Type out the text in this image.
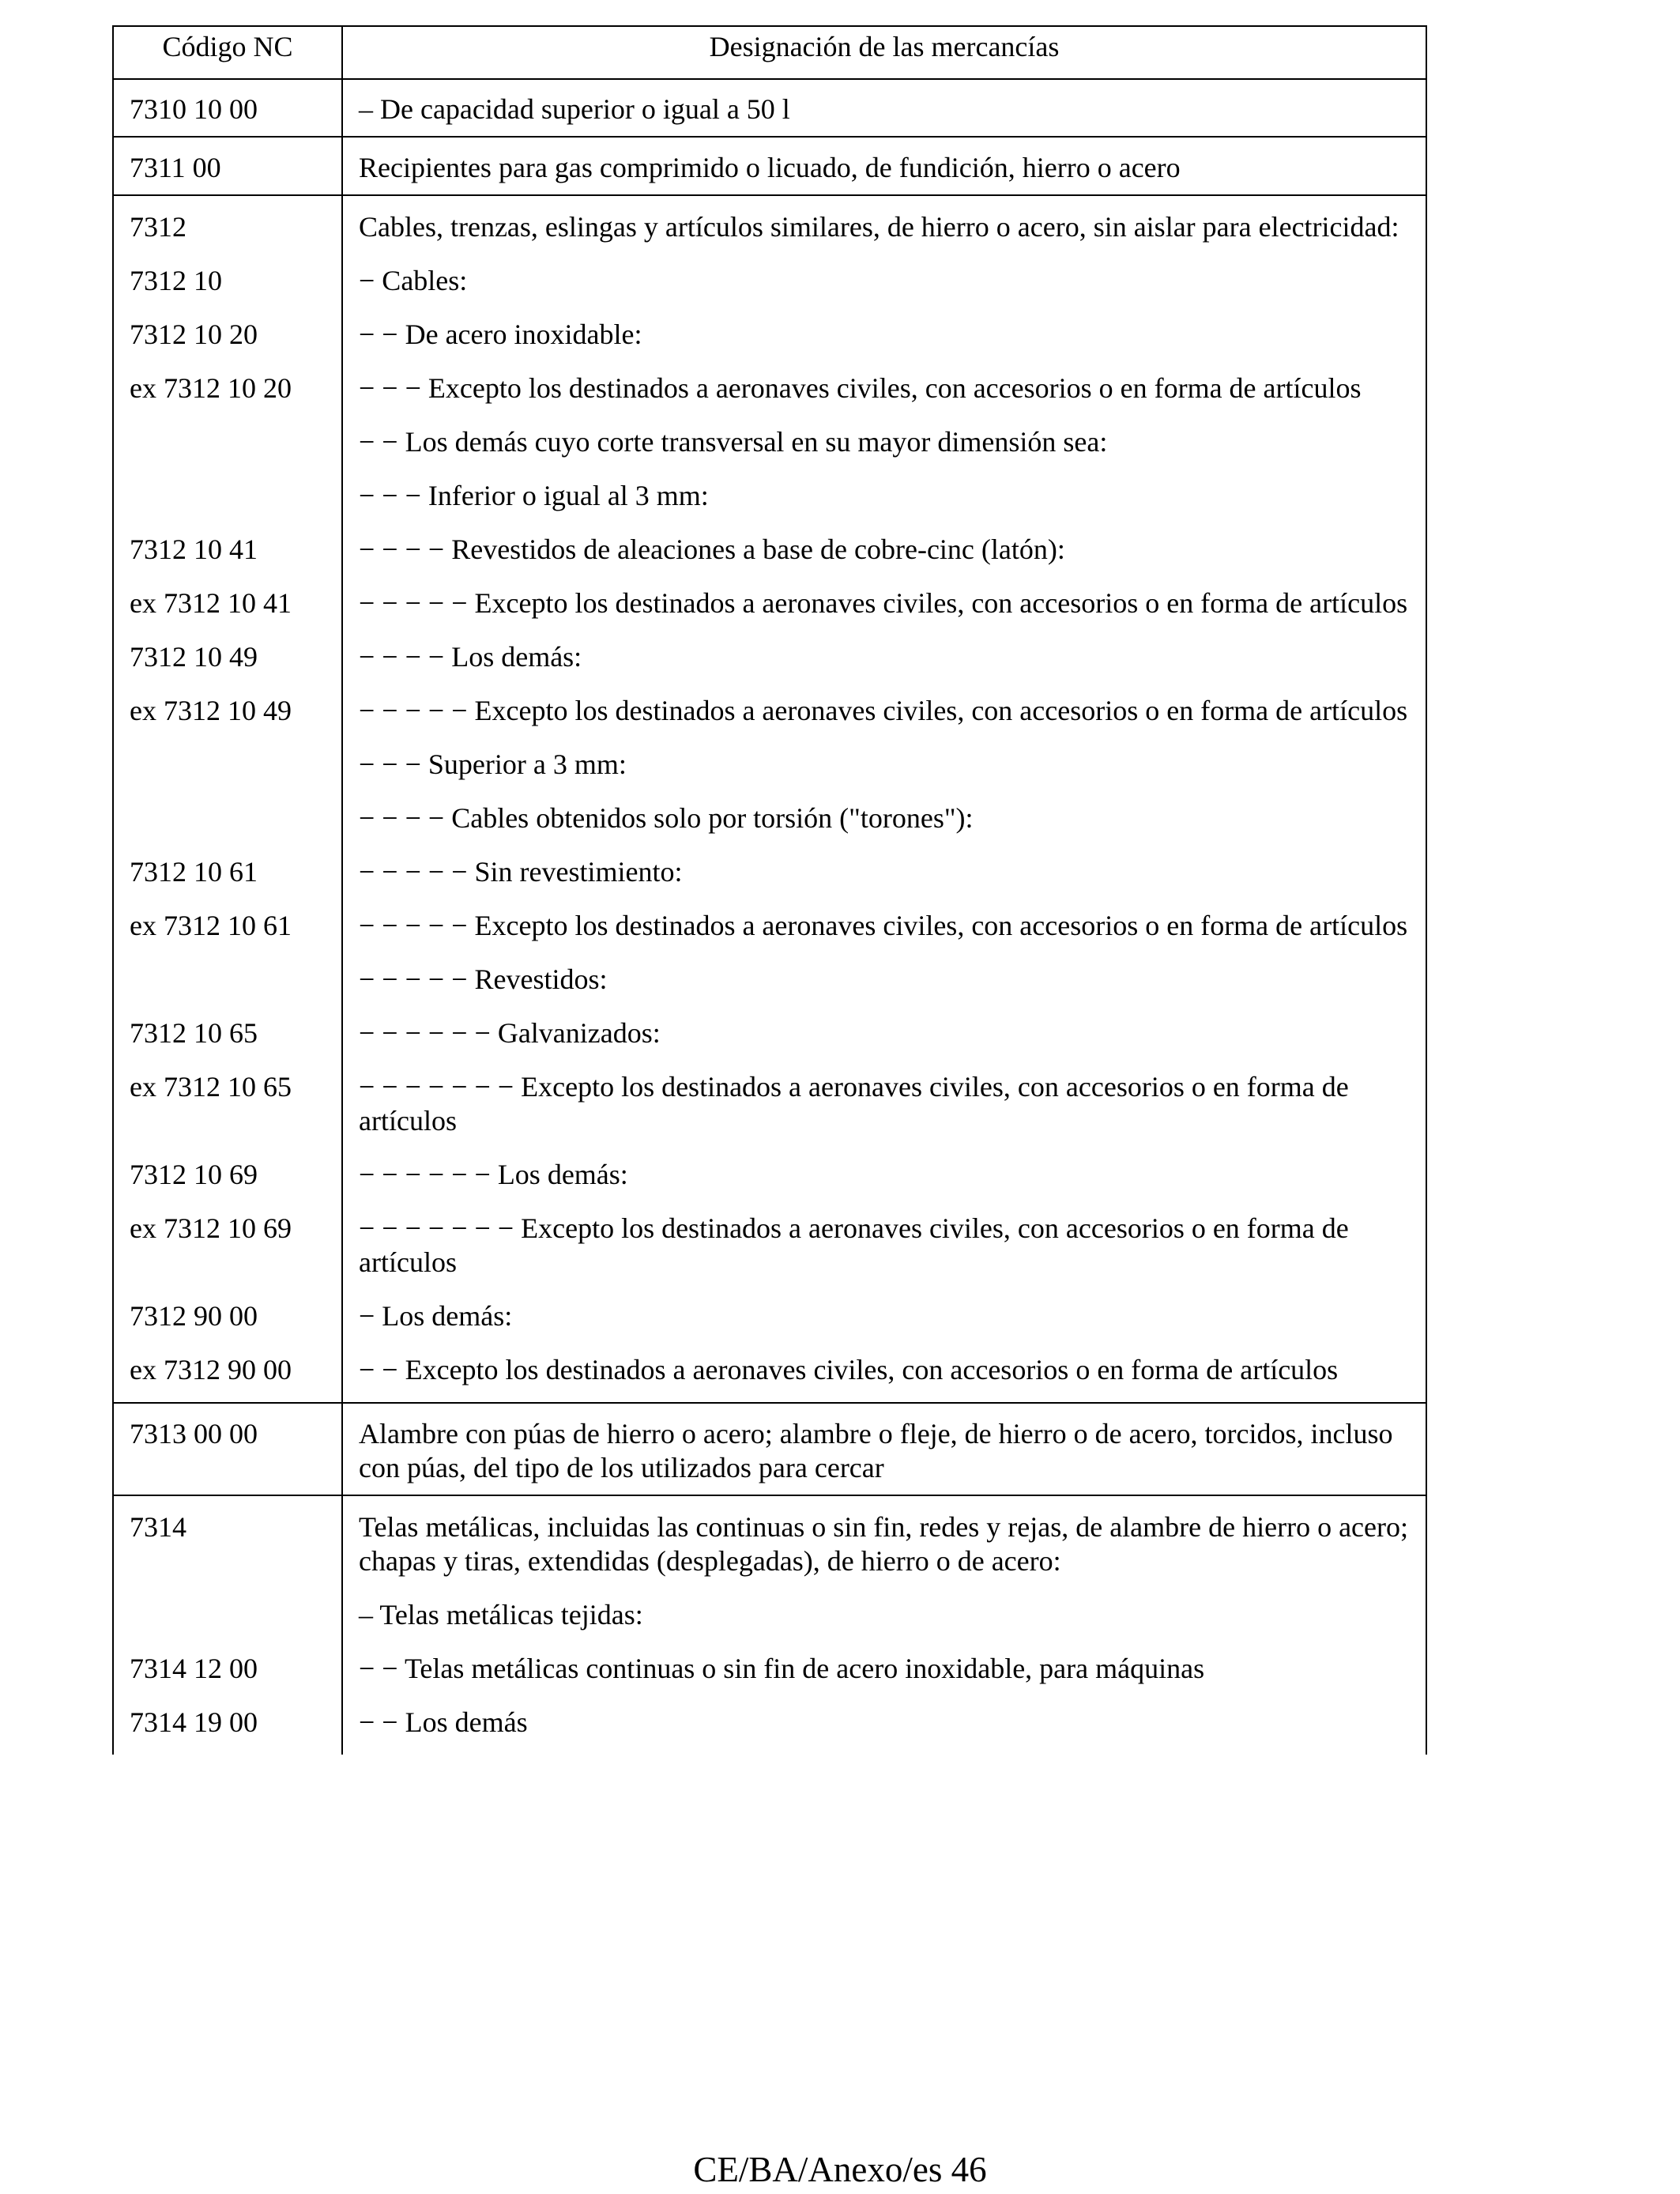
Código NC	Designación de las mercancías
7310 10 00	– De capacidad superior o igual a 50 l
7311 00	Recipientes para gas comprimido o licuado, de fundición, hierro o acero
7312	Cables, trenzas, eslingas y artículos similares, de hierro o acero, sin aislar para electricidad:
7312 10	− Cables:
7312 10 20	− − De acero inoxidable:
ex 7312 10 20	− − − Excepto los destinados a aeronaves civiles, con accesorios o en forma de artículos
	− − Los demás cuyo corte transversal en su mayor dimensión sea:
	− − − Inferior o igual al 3 mm:
7312 10 41	− − − − Revestidos de aleaciones a base de cobre-cinc (latón):
ex 7312 10 41	− − − − − Excepto los destinados a aeronaves civiles, con accesorios o en forma de artículos
7312 10 49	− − − − Los demás:
ex 7312 10 49	− − − − − Excepto los destinados a aeronaves civiles, con accesorios o en forma de artículos
	− − − Superior a 3 mm:
	− − − − Cables obtenidos solo por torsión ("torones"):
7312 10 61	− − − − − Sin revestimiento:
ex 7312 10 61	− − − − − Excepto los destinados a aeronaves civiles, con accesorios o en forma de artículos
	− − − − − Revestidos:
7312 10 65	− − − − − − Galvanizados:
ex 7312 10 65	− − − − − − − Excepto los destinados a aeronaves civiles, con accesorios o en forma de artículos
7312 10 69	− − − − − − Los demás:
ex 7312 10 69	− − − − − − − Excepto los destinados a aeronaves civiles, con accesorios o en forma de artículos
7312 90 00	− Los demás:
ex 7312 90 00	− − Excepto los destinados a aeronaves civiles, con accesorios o en forma de artículos
7313 00 00	Alambre con púas de hierro o acero; alambre o fleje, de hierro o de acero, torcidos, incluso con púas, del tipo de los utilizados para cercar
7314	Telas metálicas, incluidas las continuas o sin fin, redes y rejas, de alambre de hierro o acero; chapas y tiras, extendidas (desplegadas), de hierro o de acero:
	– Telas metálicas tejidas:
7314 12 00	− − Telas metálicas continuas o sin fin de acero inoxidable, para máquinas
7314 19 00	− − Los demás
CE/BA/Anexo/es 46
